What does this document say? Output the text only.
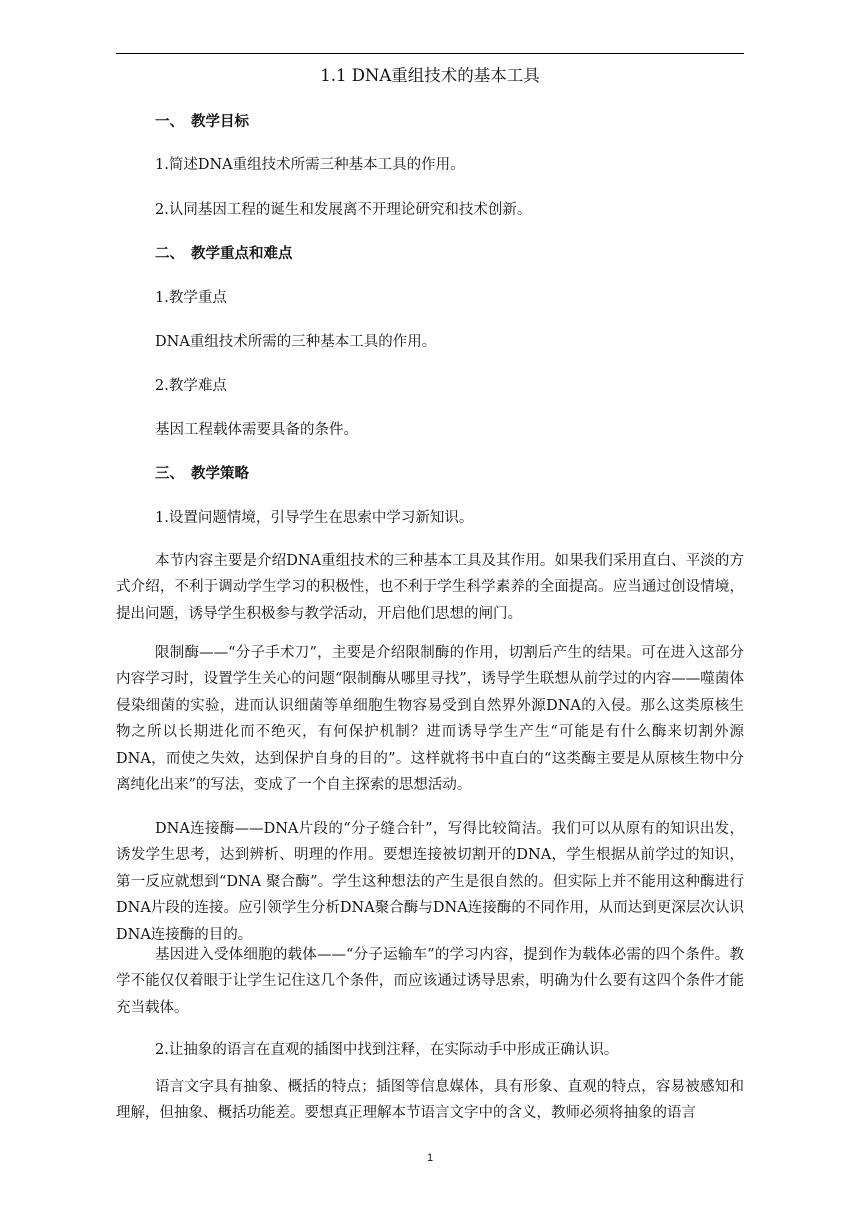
1.1 DNA重组技术的基本工具
一、 教学目标
1.简述DNA重组技术所需三种基本工具的作用。
2.认同基因工程的诞生和发展离不开理论研究和技术创新。
二、 教学重点和难点
1.教学重点
DNA重组技术所需的三种基本工具的作用。
2.教学难点
基因工程载体需要具备的条件。
三、 教学策略
1.设置问题情境，引导学生在思索中学习新知识。
本节内容主要是介绍DNA重组技术的三种基本工具及其作用。如果我们采用直白、平淡的方式介绍，不利于调动学生学习的积极性，也不利于学生科学素养的全面提高。应当通过创设情境，提出问题，诱导学生积极参与教学活动，开启他们思想的闸门。
限制酶——“分子手术刀”，主要是介绍限制酶的作用，切割后产生的结果。可在进入这部分内容学习时，设置学生关心的问题“限制酶从哪里寻找”，诱导学生联想从前学过的内容——噬菌体侵染细菌的实验，进而认识细菌等单细胞生物容易受到自然界外源DNA的入侵。那么这类原核生物之所以长期进化而不绝灭，有何保护机制？进而诱导学生产生“可能是有什么酶来切割外源 DNA，而使之失效，达到保护自身的目的”。这样就将书中直白的“这类酶主要是从原核生物中分离纯化出来”的写法，变成了一个自主探索的思想活动。
DNA连接酶——DNA片段的“分子缝合针”，写得比较简洁。我们可以从原有的知识出发，诱发学生思考，达到辨析、明理的作用。要想连接被切割开的DNA，学生根据从前学过的知识，第一反应就想到“DNA 聚合酶”。学生这种想法的产生是很自然的。但实际上并不能用这种酶进行DNA片段的连接。应引领学生分析DNA聚合酶与DNA连接酶的不同作用，从而达到更深层次认识DNA连接酶的目的。
基因进入受体细胞的载体——“分子运输车”的学习内容，提到作为载体必需的四个条件。教学不能仅仅着眼于让学生记住这几个条件，而应该通过诱导思索，明确为什么要有这四个条件才能充当载体。
2.让抽象的语言在直观的插图中找到注释，在实际动手中形成正确认识。
语言文字具有抽象、概括的特点；插图等信息媒体，具有形象、直观的特点，容易被感知和理解，但抽象、概括功能差。要想真正理解本节语言文字中的含义，教师必须将抽象的语言
1
